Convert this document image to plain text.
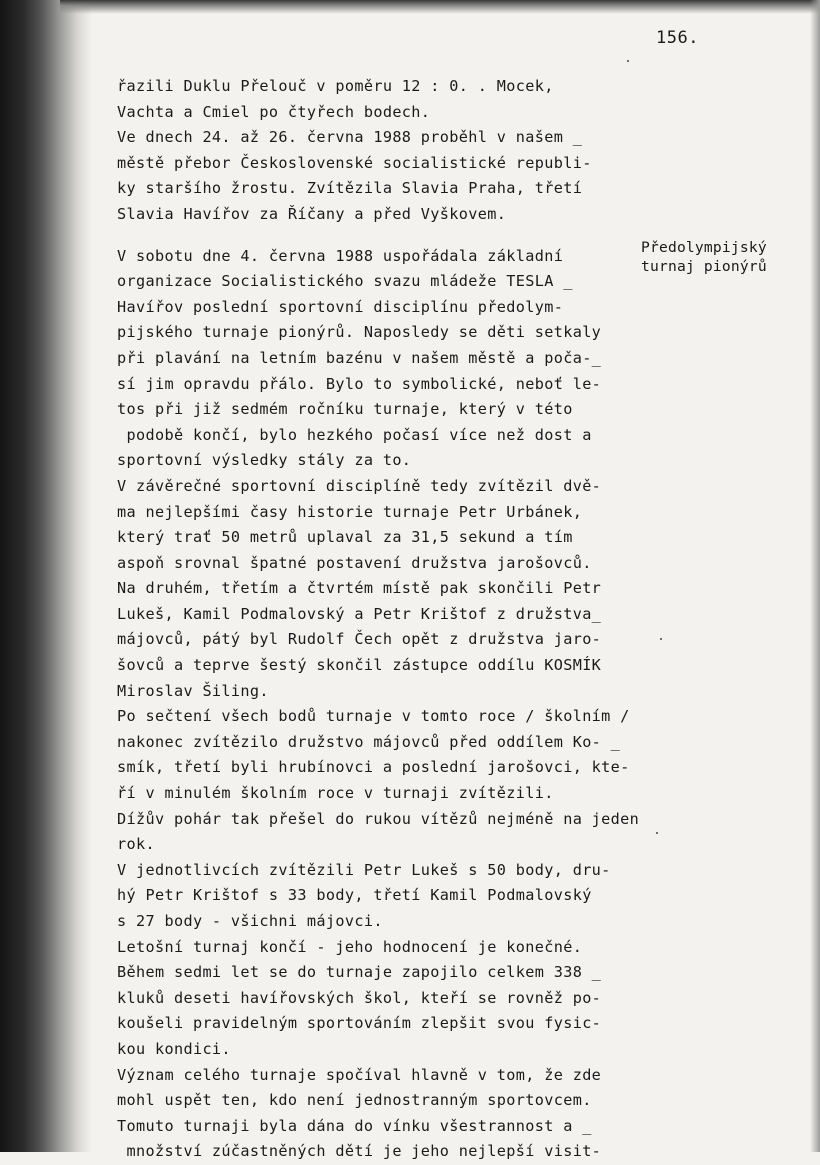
156.
řazili Duklu Přelouč v poměru 12 : 0. . Mocek,
Vachta a Cmiel po čtyřech bodech.
Ve dnech 24. až 26. června 1988 proběhl v našem _
městě přebor Československé socialistické republi-
ky staršího žrostu. Zvítězila Slavia Praha, třetí
Slavia Havířov za Říčany a před Vyškovem.
V sobotu dne 4. června 1988 uspořádala základní
organizace Socialistického svazu mládeže TESLA _
Havířov poslední sportovní disciplínu předolym-
pijského turnaje pionýrů. Naposledy se děti setkaly
při plavání na letním bazénu v našem městě a poča-_
sí jim opravdu přálo. Bylo to symbolické, neboť le-
tos při již sedmém ročníku turnaje, který v této
podobě končí, bylo hezkého počasí více než dost a
sportovní výsledky stály za to.
V závěrečné sportovní disciplíně tedy zvítězil dvě-
ma nejlepšími časy historie turnaje Petr Urbánek,
který trať 50 metrů uplaval za 31,5 sekund a tím
aspoň srovnal špatné postavení družstva jarošovců.
Na druhém, třetím a čtvrtém místě pak skončili Petr
Lukeš, Kamil Podmalovský a Petr Krištof z družstva_
májovců, pátý byl Rudolf Čech opět z družstva jaro-
šovců a teprve šestý skončil zástupce oddílu KOSMÍK
Miroslav Šiling.
Po sečtení všech bodů turnaje v tomto roce / školním /
nakonec zvítězilo družstvo májovců před oddílem Ko- _
smík, třetí byli hrubínovci a poslední jarošovci, kte-
ří v minulém školním roce v turnaji zvítězili.
Dížův pohár tak přešel do rukou vítězů nejméně na jeden
rok.
V jednotlivcích zvítězili Petr Lukeš s 50 body, dru-
hý Petr Krištof s 33 body, třetí Kamil Podmalovský
s 27 body - všichni májovci.
Letošní turnaj končí - jeho hodnocení je konečné.
Během sedmi let se do turnaje zapojilo celkem 338 _
kluků deseti havířovských škol, kteří se rovněž po-
koušeli pravidelným sportováním zlepšit svou fysic-
kou kondici.
Význam celého turnaje spočíval hlavně v tom, že zde
mohl uspět ten, kdo není jednostranným sportovcem.
Tomuto turnaji byla dána do vínku všestrannost a _
množství zúčastněných dětí je jeho nejlepší visit-
Předolympijský
turnaj pionýrů
